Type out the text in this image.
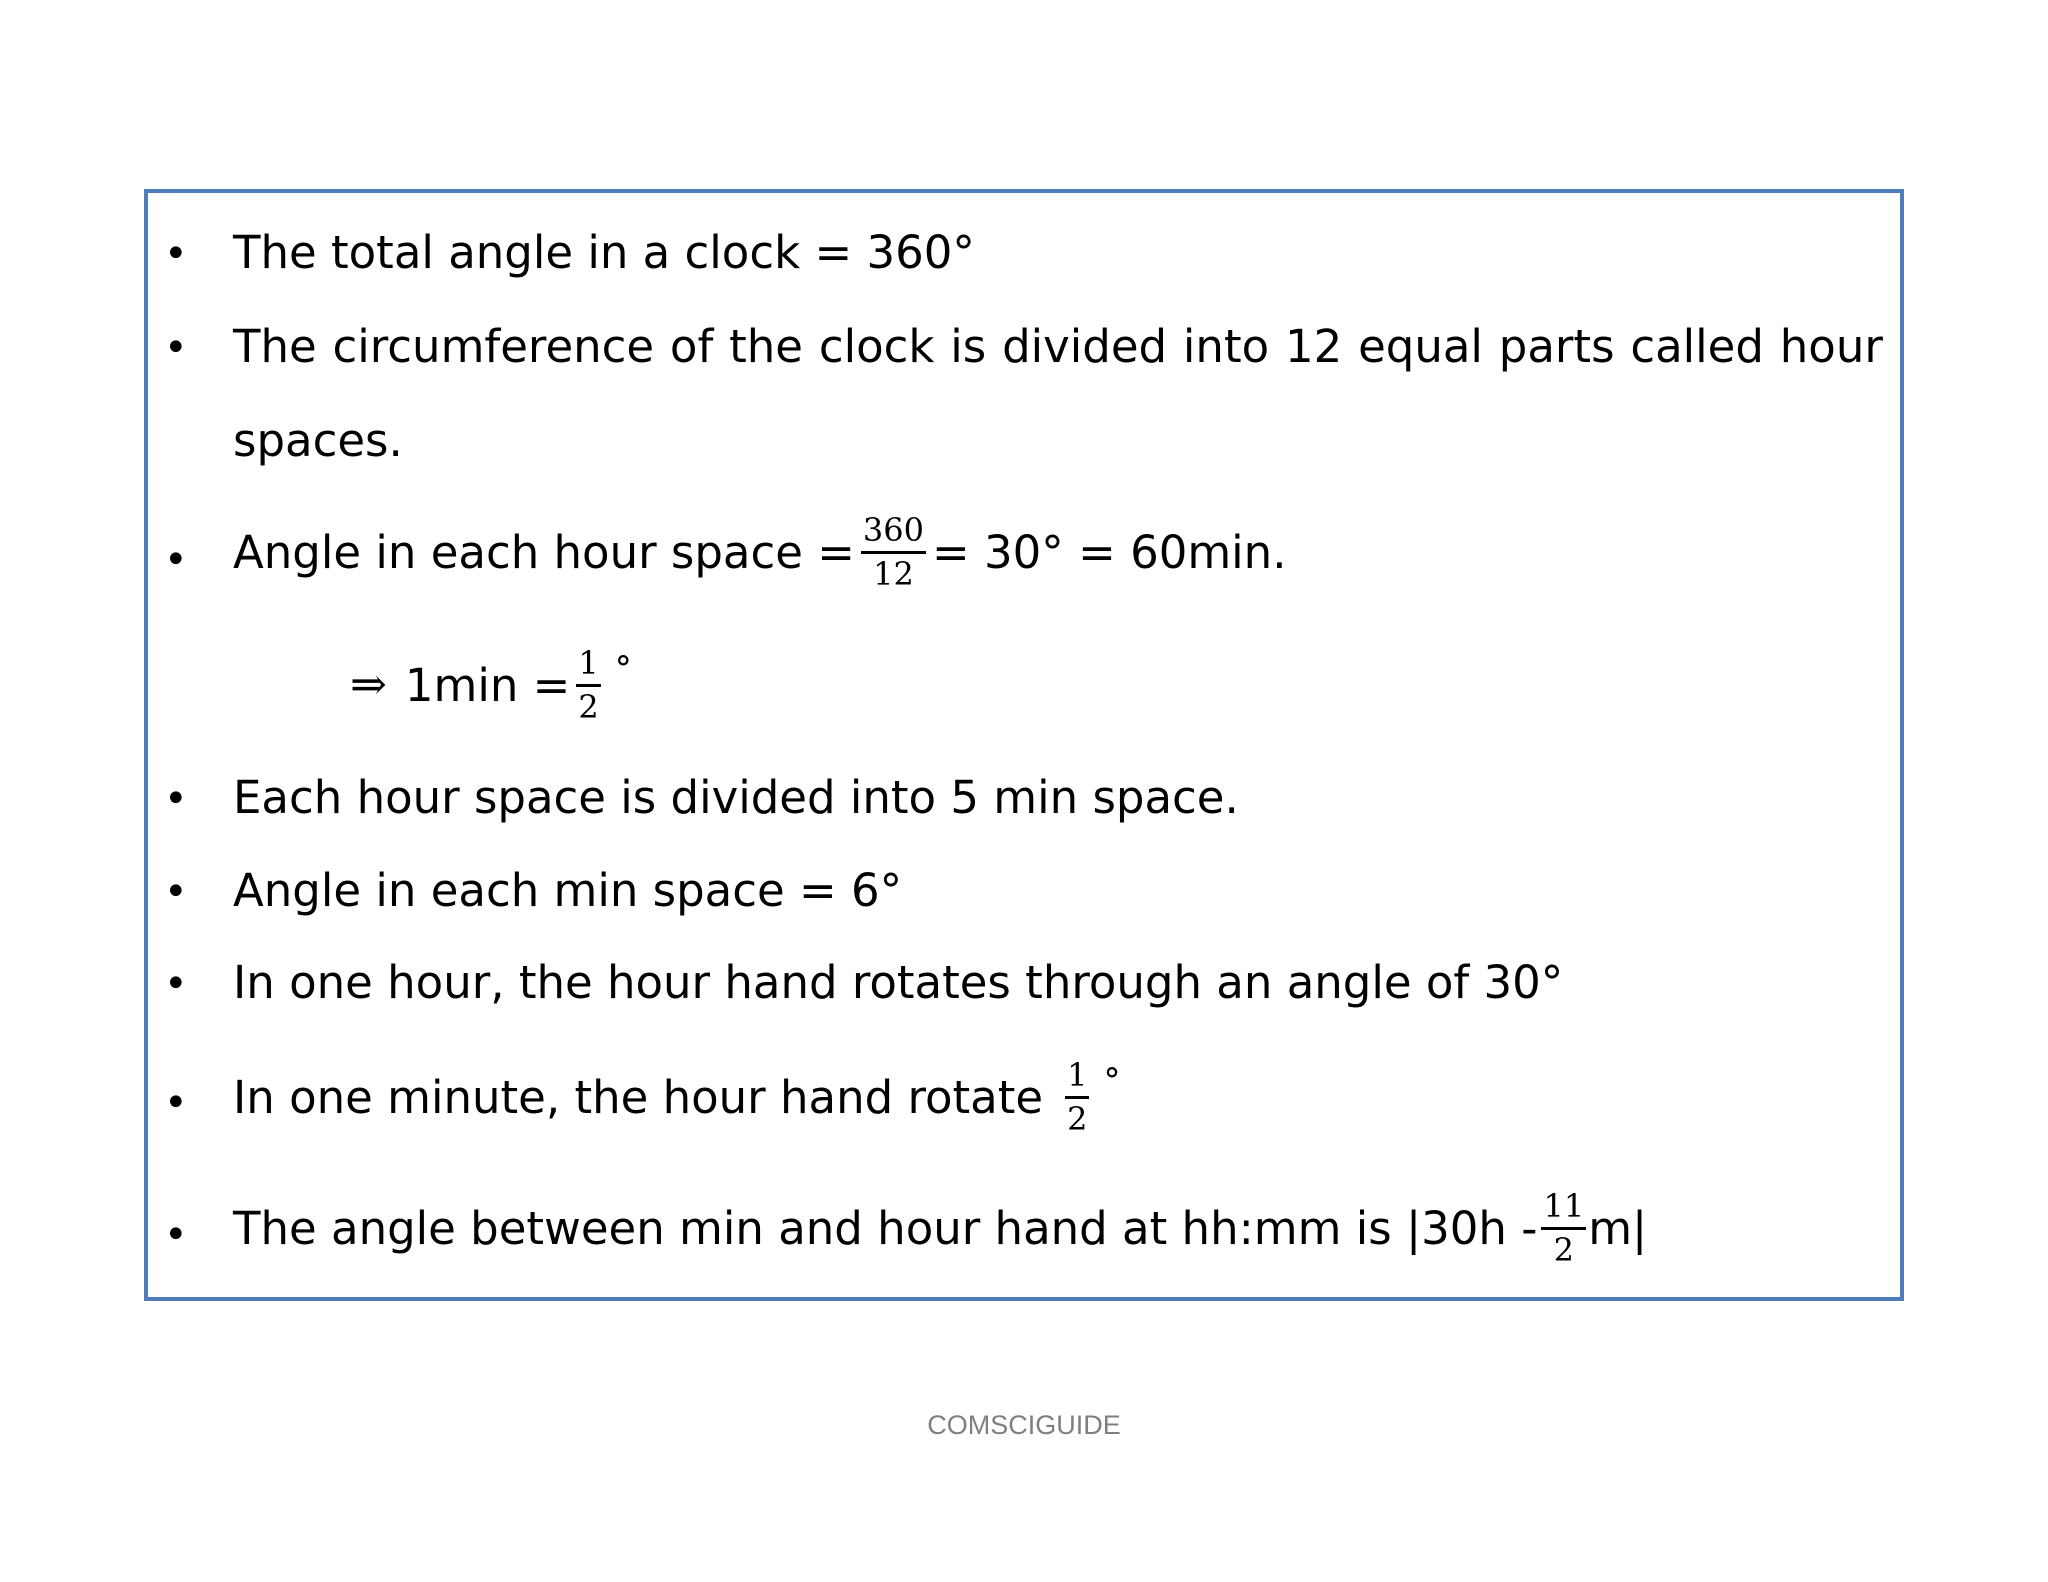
• The total angle in a clock = 360°
• The circumference of the clock is divided into 12 equal parts called hour
spaces.
• Angle in each hour space = $\frac{360}{12} = 30^\circ = 60\min$.
⇒ $1\min = \frac{1}{2}$ °
• Each hour space is divided into 5 min space.
• Angle in each min space = 6°
• In one hour, the hour hand rotates through an angle of 30°
• In one minute, the hour hand rotate $\frac{1}{2}$ °
• The angle between min and hour hand at hh:mm is $|30h - \frac{11}{2} m|$
COMSCIGUIDE
